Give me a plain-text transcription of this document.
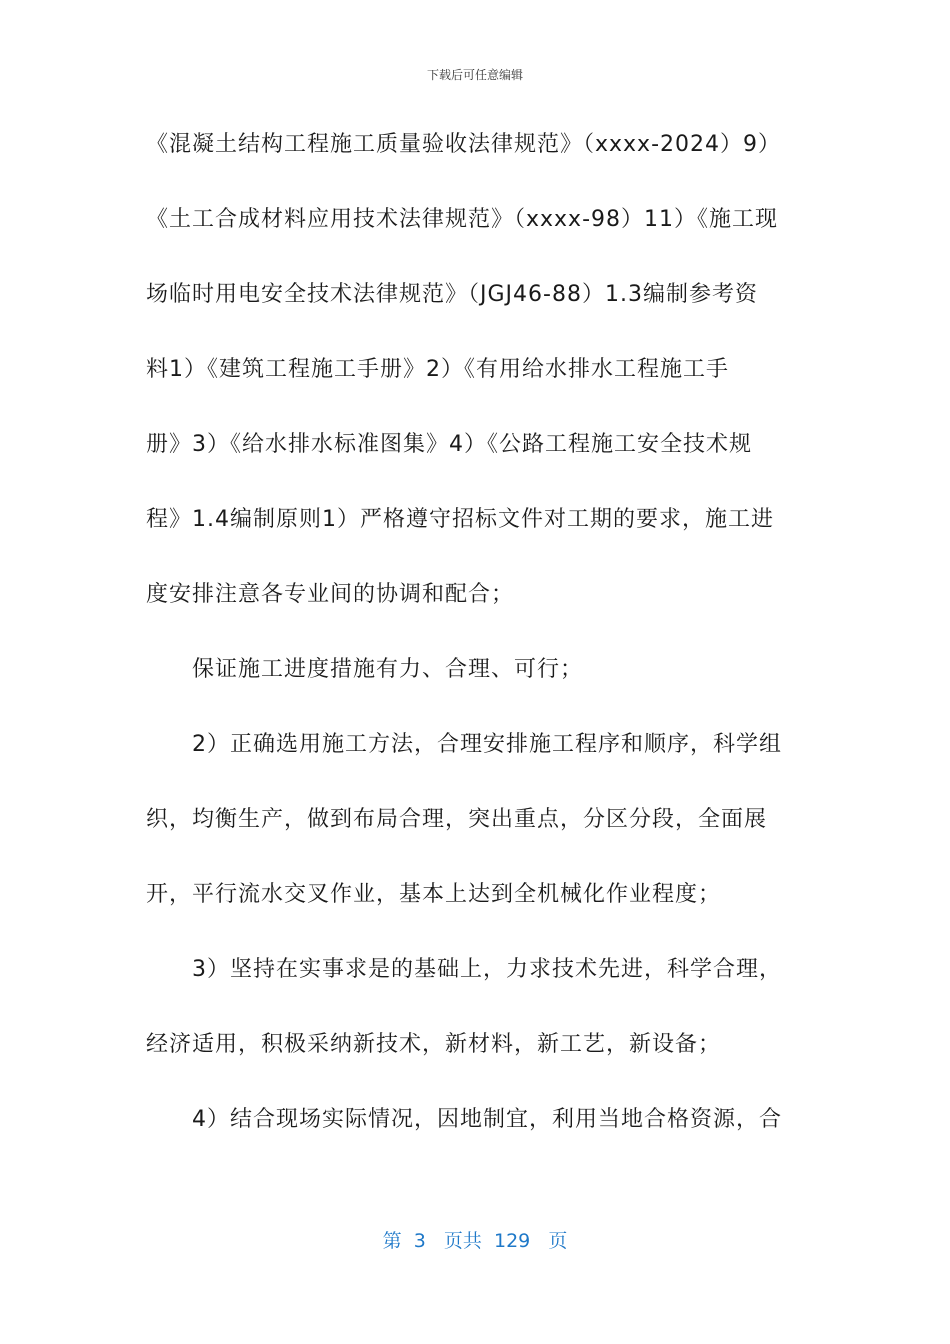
下载后可任意编辑
《混凝土结构工程施工质量验收法律规范》（xxxx-2024）9）
《土工合成材料应用技术法律规范》（xxxx-98）11）《施工现
场临时用电安全技术法律规范》（JGJ46-88）1.3编制参考资
料1）《建筑工程施工手册》2）《有用给水排水工程施工手
册》3）《给水排水标准图集》4）《公路工程施工安全技术规
程》1.4编制原则1）严格遵守招标文件对工期的要求，施工进
度安排注意各专业间的协调和配合；
保证施工进度措施有力、合理、可行；
2）正确选用施工方法，合理安排施工程序和顺序，科学组
织，均衡生产，做到布局合理，突出重点，分区分段，全面展
开，平行流水交叉作业，基本上达到全机械化作业程度；
3）坚持在实事求是的基础上，力求技术先进，科学合理，
经济适用，积极采纳新技术，新材料，新工艺，新设备；
4）结合现场实际情况，因地制宜，利用当地合格资源，合
第  3   页共  129   页
